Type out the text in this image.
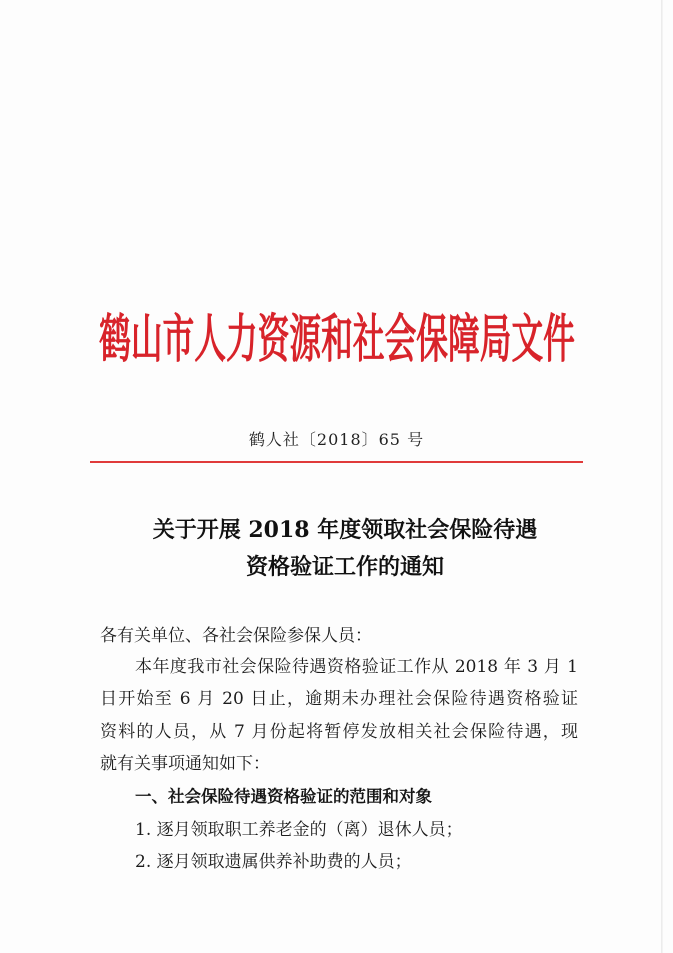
鹤山市人力资源和社会保障局文件
鹤人社〔2018〕65 号
关于开展 2018 年度领取社会保险待遇
资格验证工作的通知
各有关单位、各社会保险参保人员：
本年度我市社会保险待遇资格验证工作从 2018 年 3 月 1
日开始至 6 月 20 日止，逾期未办理社会保险待遇资格验证
资料的人员，从 7 月份起将暂停发放相关社会保险待遇，现
就有关事项通知如下：
一、社会保险待遇资格验证的范围和对象
1. 逐月领取职工养老金的（离）退休人员；
2. 逐月领取遗属供养补助费的人员；
